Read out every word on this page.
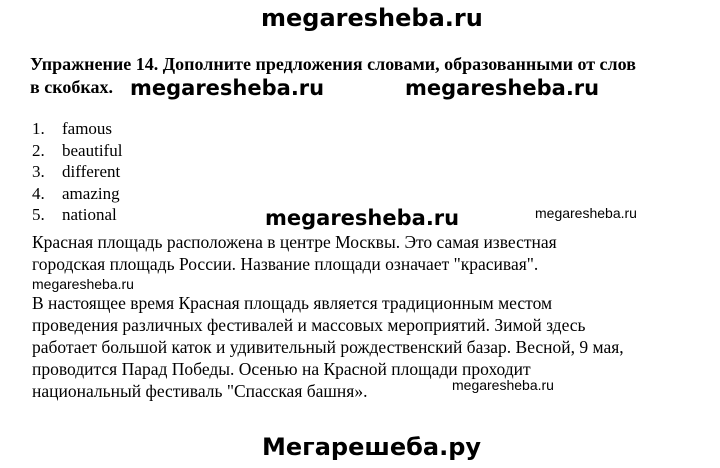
megaresheba.ru
Упражнение 14. Дополните предложения словами, образованными от слов
в скобках. megaresheba.ru	megaresheba.ru
1.	famous
2.	beautiful
3.	different
4.	amazing
5.	national	megaresheba.ru	megaresheba.ru
Красная площадь расположена в центре Москвы. Это самая известная
городская площадь России. Название площади означает "красивая".
megaresheba.ru
В настоящее время Красная площадь является традиционным местом
проведения различных фестивалей и массовых мероприятий. Зимой здесь
работает большой каток и удивительный рождественский базар. Весной, 9 мая,
проводится Парад Победы. Осенью на Красной площади проходит
национальный фестиваль "Спасская башня».	megaresheba.ru
Мегарешеба.ру
